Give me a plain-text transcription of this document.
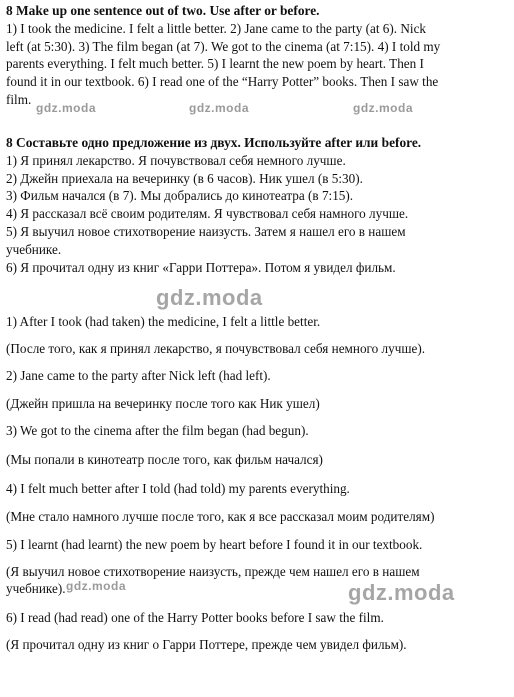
8 Make up one sentence out of two. Use after or before.
1) I took the medicine. I felt a little better. 2) Jane came to the party (at 6). Nick
left (at 5:30). 3) The film began (at 7). We got to the cinema (at 7:15). 4) I told my
parents everything. I felt much better. 5) I learnt the new poem by heart. Then I
found it in our textbook. 6) I read one of the “Harry Potter” books. Then I saw the
film.
8 Составьте одно предложение из двух. Используйте after или before.
1) Я принял лекарство. Я почувствовал себя немного лучше.
2) Джейн приехала на вечеринку (в 6 часов). Ник ушел (в 5:30).
3) Фильм начался (в 7). Мы добрались до кинотеатра (в 7:15).
4) Я рассказал всё своим родителям. Я чувствовал себя намного лучше.
5) Я выучил новое стихотворение наизусть. Затем я нашел его в нашем
учебнике.
6) Я прочитал одну из книг «Гарри Поттера». Потом я увидел фильм.
1) After I took (had taken) the medicine, I felt a little better.
(После того, как я принял лекарство, я почувствовал себя немного лучше).
2) Jane came to the party after Nick left (had left).
(Джейн пришла на вечеринку после того как Ник ушел)
3) We got to the cinema after the film began (had begun).
(Мы попали в кинотеатр после того, как фильм начался)
4) I felt much better after I told (had told) my parents everything.
(Мне стало намного лучше после того, как я все рассказал моим родителям)
5) I learnt (had learnt) the new poem by heart before I found it in our textbook.
(Я выучил новое стихотворение наизусть, прежде чем нашел его в нашем
учебнике).
6) I read (had read) one of the Harry Potter books before I saw the film.
(Я прочитал одну из книг о Гарри Поттере, прежде чем увидел фильм).
gdz.moda	gdz.moda	gdz.moda
gdz.moda
gdz.moda	gdz.moda
